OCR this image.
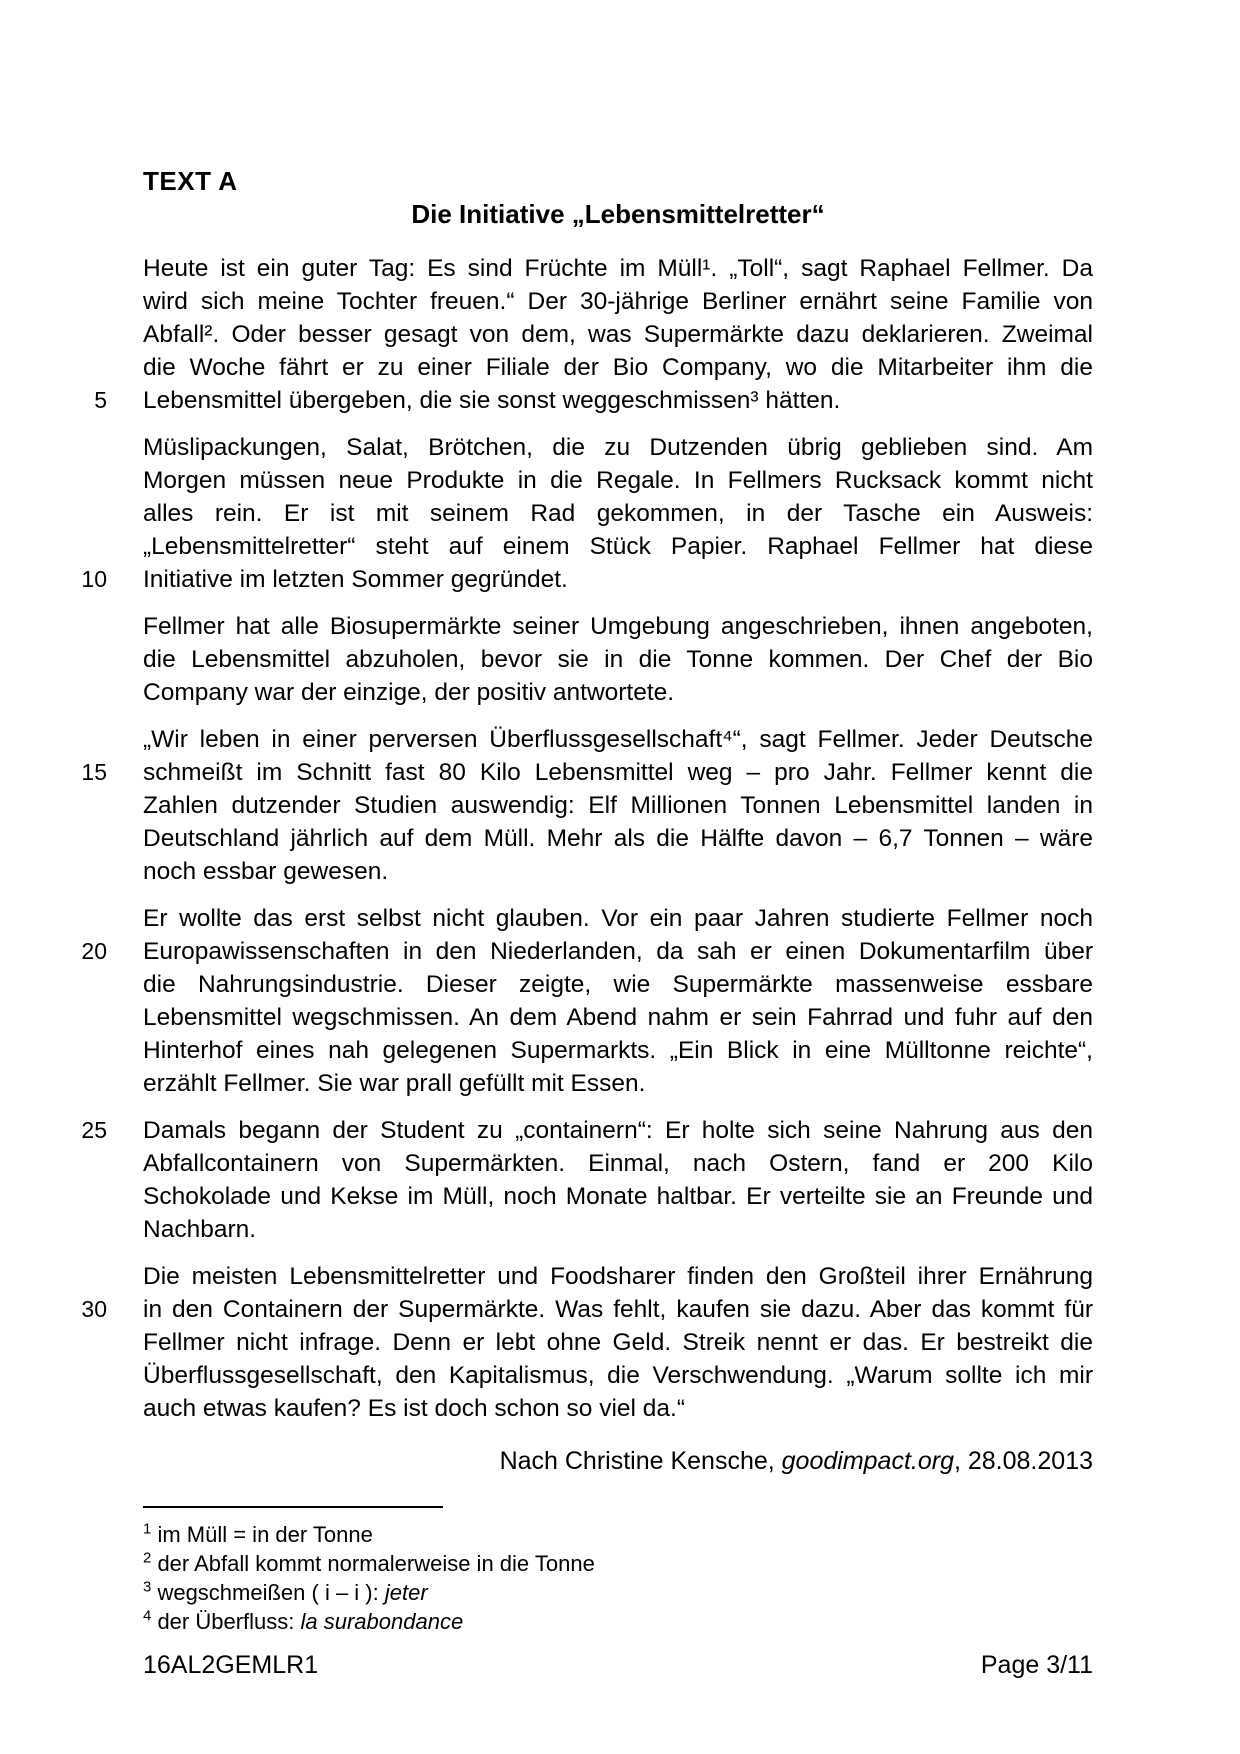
TEXT A
Die Initiative „Lebensmittelretter“
Heute ist ein guter Tag: Es sind Früchte im Müll¹. „Toll“, sagt Raphael Fellmer. Da
wird sich meine Tochter freuen.“ Der 30-jährige Berliner ernährt seine Familie von
Abfall². Oder besser gesagt von dem, was Supermärkte dazu deklarieren. Zweimal
die Woche fährt er zu einer Filiale der Bio Company, wo die Mitarbeiter ihm die
Lebensmittel übergeben, die sie sonst weggeschmissen³ hätten.
5
Müslipackungen, Salat, Brötchen, die zu Dutzenden übrig geblieben sind. Am
Morgen müssen neue Produkte in die Regale. In Fellmers Rucksack kommt nicht
alles rein. Er ist mit seinem Rad gekommen, in der Tasche ein Ausweis:
„Lebensmittelretter“ steht auf einem Stück Papier. Raphael Fellmer hat diese
Initiative im letzten Sommer gegründet.
10
Fellmer hat alle Biosupermärkte seiner Umgebung angeschrieben, ihnen angeboten,
die Lebensmittel abzuholen, bevor sie in die Tonne kommen. Der Chef der Bio
Company war der einzige, der positiv antwortete.
„Wir leben in einer perversen Überflussgesellschaft⁴“, sagt Fellmer. Jeder Deutsche
schmeißt im Schnitt fast 80 Kilo Lebensmittel weg – pro Jahr. Fellmer kennt die
15
Zahlen dutzender Studien auswendig: Elf Millionen Tonnen Lebensmittel landen in
Deutschland jährlich auf dem Müll. Mehr als die Hälfte davon – 6,7 Tonnen – wäre
noch essbar gewesen.
Er wollte das erst selbst nicht glauben. Vor ein paar Jahren studierte Fellmer noch
Europawissenschaften in den Niederlanden, da sah er einen Dokumentarfilm über
20
die Nahrungsindustrie. Dieser zeigte, wie Supermärkte massenweise essbare
Lebensmittel wegschmissen. An dem Abend nahm er sein Fahrrad und fuhr auf den
Hinterhof eines nah gelegenen Supermarkts. „Ein Blick in eine Mülltonne reichte“,
erzählt Fellmer. Sie war prall gefüllt mit Essen.
Damals begann der Student zu „containern“: Er holte sich seine Nahrung aus den
25
Abfallcontainern von Supermärkten. Einmal, nach Ostern, fand er 200 Kilo
Schokolade und Kekse im Müll, noch Monate haltbar. Er verteilte sie an Freunde und
Nachbarn.
Die meisten Lebensmittelretter und Foodsharer finden den Großteil ihrer Ernährung
in den Containern der Supermärkte. Was fehlt, kaufen sie dazu. Aber das kommt für
30
Fellmer nicht infrage. Denn er lebt ohne Geld. Streik nennt er das. Er bestreikt die
Überflussgesellschaft, den Kapitalismus, die Verschwendung. „Warum sollte ich mir
auch etwas kaufen? Es ist doch schon so viel da.“
Nach Christine Kensche, goodimpact.org, 28.08.2013
$^1$ im Müll = in der Tonne
$^2$ der Abfall kommt normalerweise in die Tonne
$^3$ wegschmeißen ( i – i ): jeter
$^4$ der Überfluss: la surabondance
16AL2GEMLR1	Page 3/11
